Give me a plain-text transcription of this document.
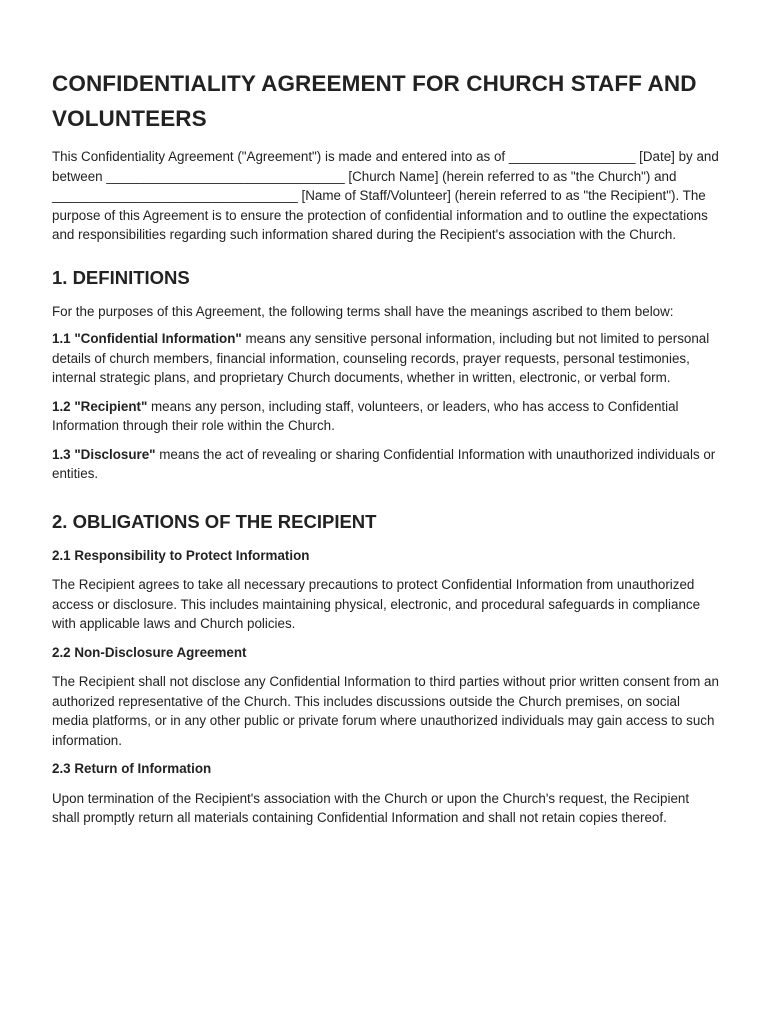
CONFIDENTIALITY AGREEMENT FOR CHURCH STAFF AND VOLUNTEERS

This Confidentiality Agreement ("Agreement") is made and entered into as of _________________ [Date] by and between ________________________________ [Church Name] (herein referred to as "the Church") and _________________________________ [Name of Staff/Volunteer] (herein referred to as "the Recipient"). The purpose of this Agreement is to ensure the protection of confidential information and to outline the expectations and responsibilities regarding such information shared during the Recipient's association with the Church.

1. DEFINITIONS

For the purposes of this Agreement, the following terms shall have the meanings ascribed to them below:

1.1 "Confidential Information" means any sensitive personal information, including but not limited to personal details of church members, financial information, counseling records, prayer requests, personal testimonies, internal strategic plans, and proprietary Church documents, whether in written, electronic, or verbal form.

1.2 "Recipient" means any person, including staff, volunteers, or leaders, who has access to Confidential Information through their role within the Church.

1.3 "Disclosure" means the act of revealing or sharing Confidential Information with unauthorized individuals or entities.

2. OBLIGATIONS OF THE RECIPIENT
2.1 Responsibility to Protect Information

The Recipient agrees to take all necessary precautions to protect Confidential Information from unauthorized access or disclosure. This includes maintaining physical, electronic, and procedural safeguards in compliance with applicable laws and Church policies.

2.2 Non-Disclosure Agreement

The Recipient shall not disclose any Confidential Information to third parties without prior written consent from an authorized representative of the Church. This includes discussions outside the Church premises, on social media platforms, or in any other public or private forum where unauthorized individuals may gain access to such information.

2.3 Return of Information

Upon termination of the Recipient's association with the Church or upon the Church's request, the Recipient shall promptly return all materials containing Confidential Information and shall not retain copies thereof.
